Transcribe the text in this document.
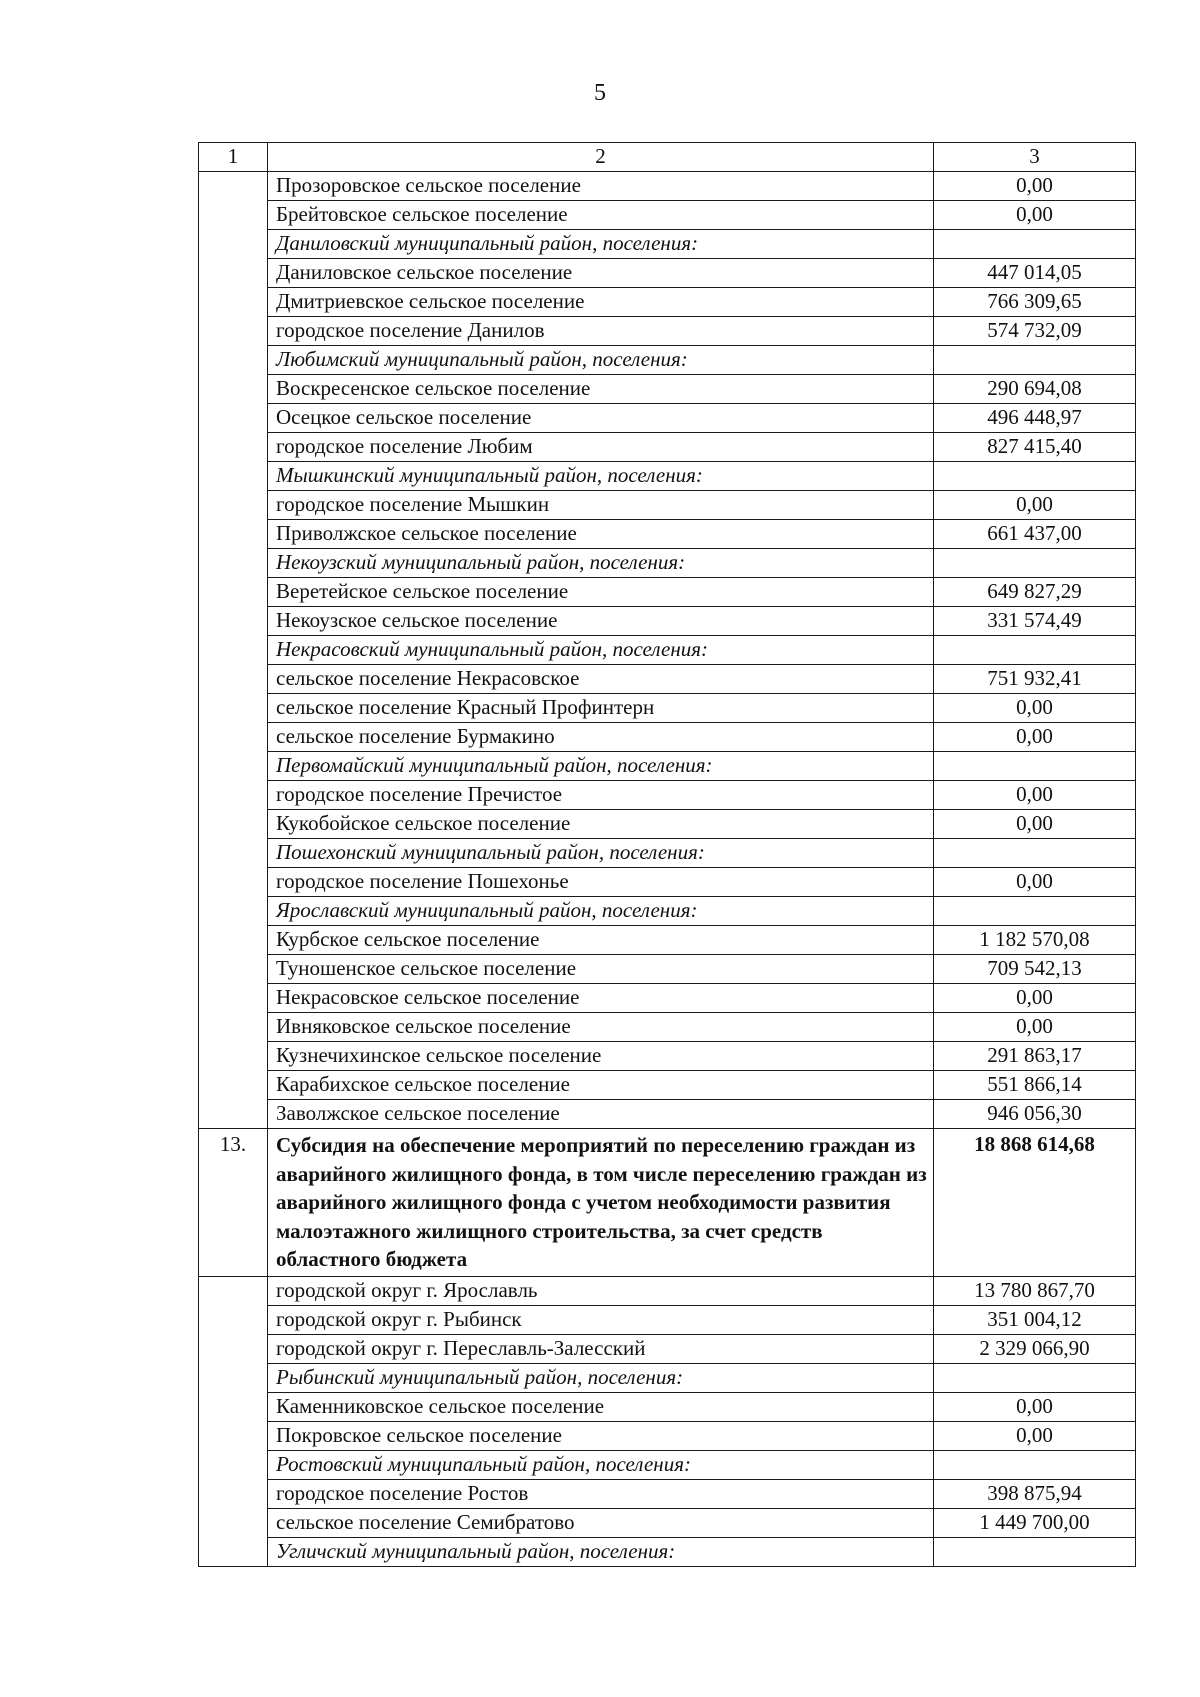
5
1	2	3
	Прозоровское сельское поселение	0,00
	Брейтовское сельское поселение	0,00
	Даниловский муниципальный район, поселения:	
	Даниловское сельское поселение	447 014,05
	Дмитриевское сельское поселение	766 309,65
	городское поселение Данилов	574 732,09
	Любимский муниципальный район, поселения:	
	Воскресенское сельское поселение	290 694,08
	Осецкое сельское поселение	496 448,97
	городское поселение Любим	827 415,40
	Мышкинский муниципальный район, поселения:	
	городское поселение Мышкин	0,00
	Приволжское сельское поселение	661 437,00
	Некоузский муниципальный район, поселения:	
	Веретейское сельское поселение	649 827,29
	Некоузское сельское поселение	331 574,49
	Некрасовский муниципальный район, поселения:	
	сельское поселение Некрасовское	751 932,41
	сельское поселение Красный Профинтерн	0,00
	сельское поселение Бурмакино	0,00
	Первомайский муниципальный район, поселения:	
	городское поселение Пречистое	0,00
	Кукобойское сельское поселение	0,00
	Пошехонский муниципальный район, поселения:	
	городское поселение Пошехонье	0,00
	Ярославский муниципальный район, поселения:	
	Курбское сельское поселение	1 182 570,08
	Туношенское сельское поселение	709 542,13
	Некрасовское сельское поселение	0,00
	Ивняковское сельское поселение	0,00
	Кузнечихинское сельское поселение	291 863,17
	Карабихское сельское поселение	551 866,14
	Заволжское сельское поселение	946 056,30
13.	Субсидия на обеспечение мероприятий по переселению граждан из аварийного жилищного фонда, в том числе переселению граждан из аварийного жилищного фонда с учетом необходимости развития малоэтажного жилищного строительства, за счет средств областного бюджета	18 868 614,68
	городской округ г. Ярославль	13 780 867,70
	городской округ г. Рыбинск	351 004,12
	городской округ г. Переславль-Залесский	2 329 066,90
	Рыбинский муниципальный район, поселения:	
	Каменниковское сельское поселение	0,00
	Покровское сельское поселение	0,00
	Ростовский муниципальный район, поселения:	
	городское поселение Ростов	398 875,94
	сельское поселение Семибратово	1 449 700,00
	Угличский муниципальный район, поселения:	
